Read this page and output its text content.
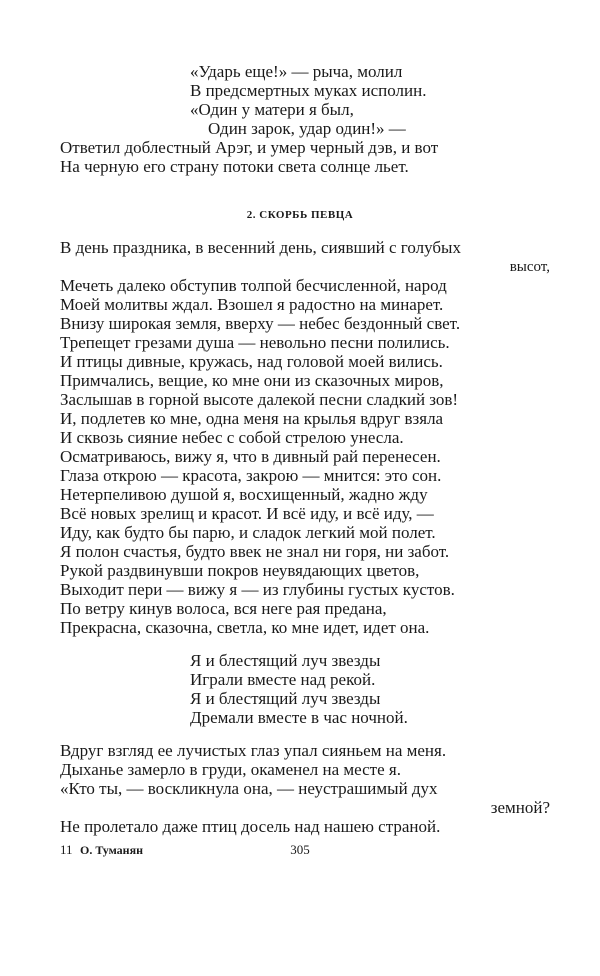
«Ударь еще!» — рыча, молил
В предсмертных муках исполин.
«Один у матери я был,
Один зарок, удар один!» —
Ответил доблестный Арэг, и умер черный дэв, и вот
На черную его страну потоки света солнце льет.
2. СКОРБЬ ПЕВЦА
В день праздника, в весенний день, сиявший с голубых
высот,
Мечеть далеко обступив толпой бесчисленной, народ
Моей молитвы ждал. Взошел я радостно на минарет.
Внизу широкая земля, вверху — небес бездонный свет.
Трепещет грезами душа — невольно песни полились.
И птицы дивные, кружась, над головой моей вились.
Примчались, вещие, ко мне они из сказочных миров,
Заслышав в горной высоте далекой песни сладкий зов!
И, подлетев ко мне, одна меня на крылья вдруг взяла
И сквозь сияние небес с собой стрелою унесла.
Осматриваюсь, вижу я, что в дивный рай перенесен.
Глаза открою — красота, закрою — мнится: это сон.
Нетерпеливою душой я, восхищенный, жадно жду
Всё новых зрелищ и красот. И всё иду, и всё иду, —
Иду, как будто бы парю, и сладок легкий мой полет.
Я полон счастья, будто ввек не знал ни горя, ни забот.
Рукой раздвинувши покров неувядающих цветов,
Выходит пери — вижу я — из глубины густых кустов.
По ветру кинув волоса, вся неге рая предана,
Прекрасна, сказочна, светла, ко мне идет, идет она.
Я и блестящий луч звезды
Играли вместе над рекой.
Я и блестящий луч звезды
Дремали вместе в час ночной.
Вдруг взгляд ее лучистых глаз упал сияньем на меня.
Дыханье замерло в груди, окаменел на месте я.
«Кто ты, — воскликнула она, — неустрашимый дух
земной?
Не пролетало даже птиц досель над нашею страной.
305
11 О. Туманян
